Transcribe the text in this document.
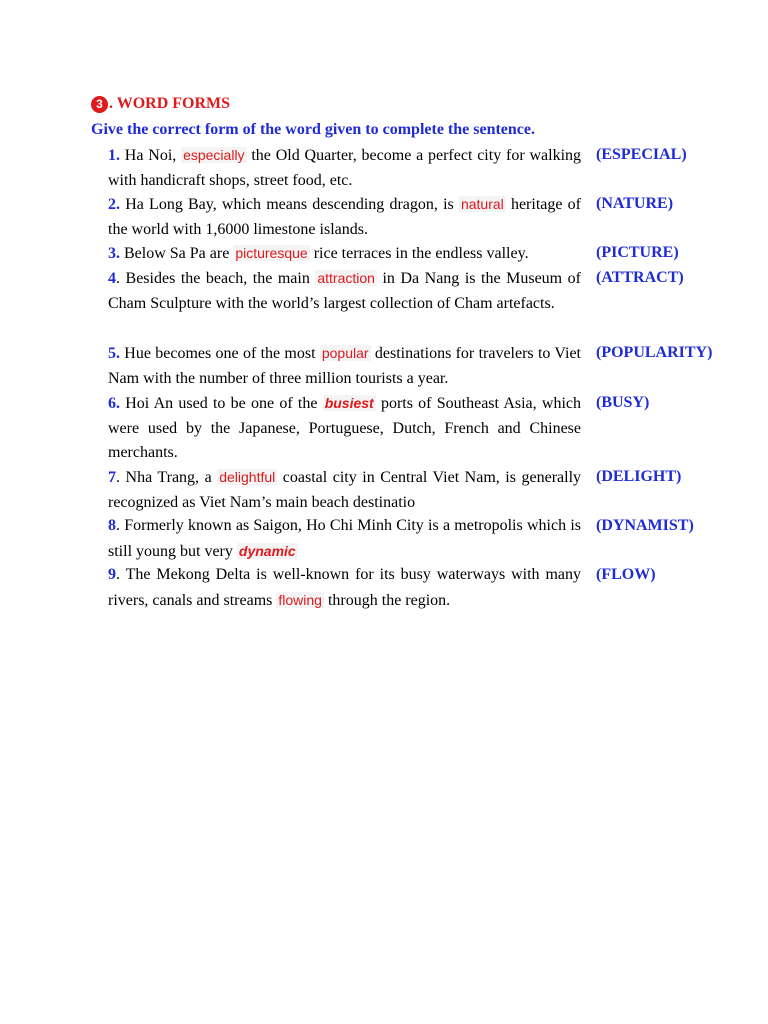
3 . WORD FORMS
Give the correct form of the word given to complete the sentence.
1. Ha Noi, especially the Old Quarter, become a perfect city for walking with handicraft shops, street food, etc.
(ESPECIAL)
2. Ha Long Bay, which means descending dragon, is natural heritage of the world with 1,6000 limestone islands.
(NATURE)
3. Below Sa Pa are picturesque rice terraces in the endless valley.	(PICTURE)
4. Besides the beach, the main attraction in Da Nang is the Museum of Cham Sculpture with the world’s largest collection of Cham artefacts.
(ATTRACT)
5. Hue becomes one of the most popular destinations for travelers to Viet Nam with the number of three million tourists a year.
(POPULARITY)
6. Hoi An used to be one of the busiest ports of Southeast Asia, which were used by the Japanese, Portuguese, Dutch, French and Chinese merchants.
(BUSY)
7. Nha Trang, a delightful coastal city in Central Viet Nam, is generally recognized as Viet Nam’s main beach destinatio
(DELIGHT)
8. Formerly known as Saigon, Ho Chi Minh City is a metropolis which is still young but very dynamic
(DYNAMIST)
9. The Mekong Delta is well-known for its busy waterways with many rivers, canals and streams flowing through the region.
(FLOW)
